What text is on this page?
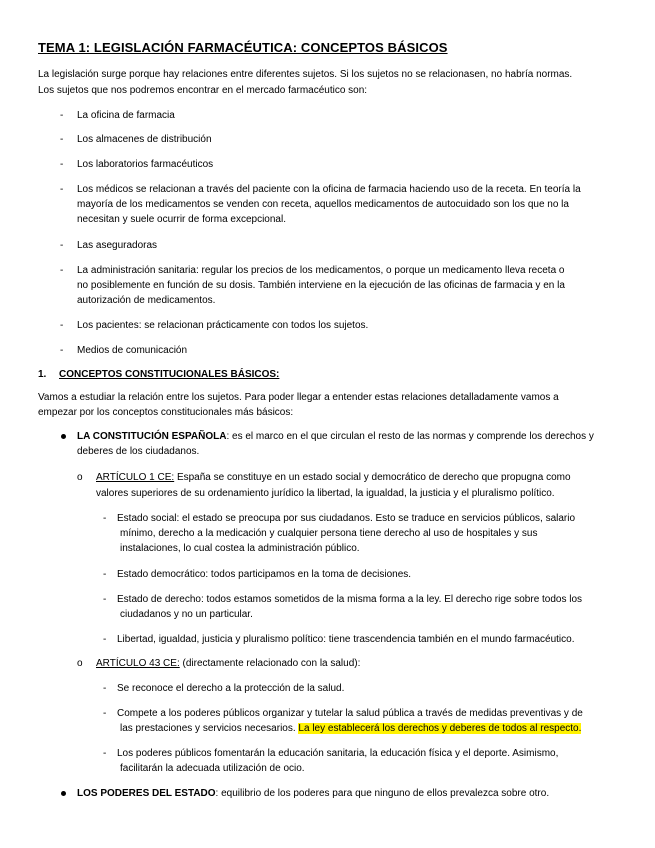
TEMA 1: LEGISLACIÓN FARMACÉUTICA: CONCEPTOS BÁSICOS
La legislación surge porque hay relaciones entre diferentes sujetos. Si los sujetos no se relacionasen, no habría normas.
Los sujetos que nos podremos encontrar en el mercado farmacéutico son:
- La oficina de farmacia
- Los almacenes de distribución
- Los laboratorios farmacéuticos
- Los médicos se relacionan a través del paciente con la oficina de farmacia haciendo uso de la receta. En teoría la
mayoría de los medicamentos se venden con receta, aquellos medicamentos de autocuidado son los que no la
necesitan y suele ocurrir de forma excepcional.
- Las aseguradoras
- La administración sanitaria: regular los precios de los medicamentos, o porque un medicamento lleva receta o
no posiblemente en función de su dosis. También interviene en la ejecución de las oficinas de farmacia y en la
autorización de medicamentos.
- Los pacientes: se relacionan prácticamente con todos los sujetos.
- Medios de comunicación
1. CONCEPTOS CONSTITUCIONALES BÁSICOS:
Vamos a estudiar la relación entre los sujetos. Para poder llegar a entender estas relaciones detalladamente vamos a
empezar por los conceptos constitucionales más básicos:
LA CONSTITUCIÓN ESPAÑOLA: es el marco en el que circulan el resto de las normas y comprende los derechos y
deberes de los ciudadanos.
o ARTÍCULO 1 CE: España se constituye en un estado social y democrático de derecho que propugna como
valores superiores de su ordenamiento jurídico la libertad, la igualdad, la justicia y el pluralismo político.
- Estado social: el estado se preocupa por sus ciudadanos. Esto se traduce en servicios públicos, salario
mínimo, derecho a la medicación y cualquier persona tiene derecho al uso de hospitales y sus
instalaciones, lo cual costea la administración público.
- Estado democrático: todos participamos en la toma de decisiones.
- Estado de derecho: todos estamos sometidos de la misma forma a la ley. El derecho rige sobre todos los
ciudadanos y no un particular.
- Libertad, igualdad, justicia y pluralismo político: tiene trascendencia también en el mundo farmacéutico.
o ARTÍCULO 43 CE: (directamente relacionado con la salud):
- Se reconoce el derecho a la protección de la salud.
- Compete a los poderes públicos organizar y tutelar la salud pública a través de medidas preventivas y de
las prestaciones y servicios necesarios. La ley establecerá los derechos y deberes de todos al respecto.
- Los poderes públicos fomentarán la educación sanitaria, la educación física y el deporte. Asimismo,
facilitarán la adecuada utilización de ocio.
LOS PODERES DEL ESTADO: equilibrio de los poderes para que ninguno de ellos prevalezca sobre otro.
